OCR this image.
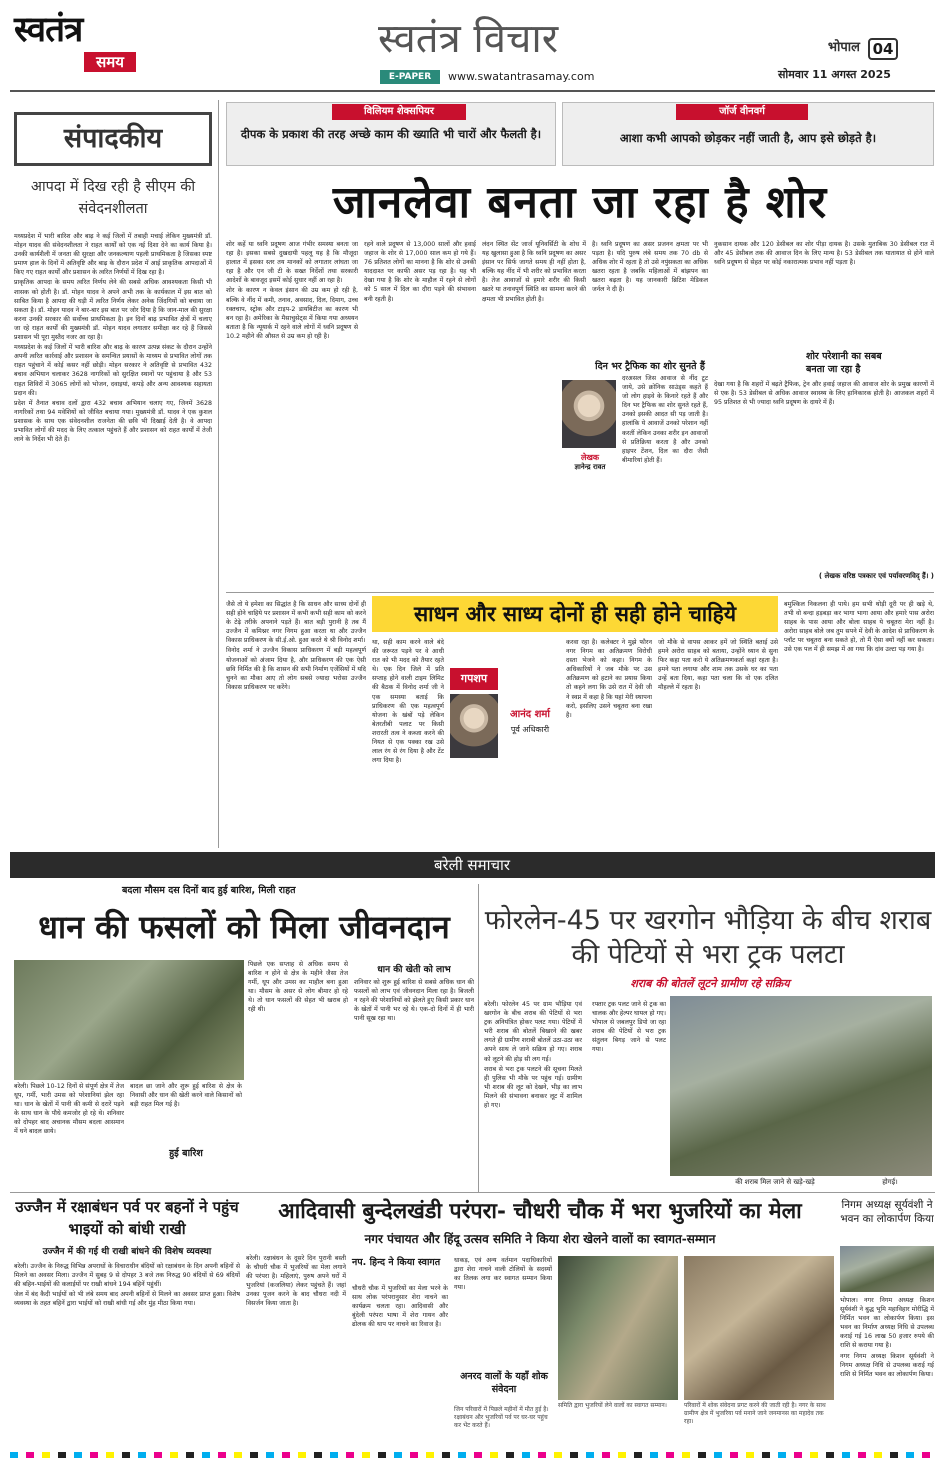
स्वतंत्र
समय	स्वतंत्र विचार
E-PAPER	www.swatantrasamay.com
भोपाल 04
सोमवार 11 अगस्त 2025
संपादकीय
आपदा में दिख रही है सीएम की संवेदनशीलता

मध्यप्रदेश में भारी बारिश और बाढ़ ने कई जिलों में तबाही मचाई लेकिन मुख्यमंत्री डॉ. मोहन यादव की संवेदनशीलता ने राहत कार्यों को एक नई दिशा देने का कार्य किया है। उनकी कार्यशैली में जनता की सुरक्षा और जनकल्याण पहली प्राथमिकता है जिसका स्पष्ट प्रमाण हाल के दिनों में अतिवृष्टि और बाढ़ के दौरान प्रदेश में आई प्राकृतिक आपदाओं में किए गए राहत कार्यों और प्रशासन के त्वरित निर्णयों में दिख रहा है।

प्राकृतिक आपदा के समय त्वरित निर्णय लेने की सबसे अधिक आवश्यकता किसी भी शासक को होती है। डॉ. मोहन यादव ने अपने अभी तक के कार्यकाल में इस बात को साबित किया है आपदा की घड़ी में त्वरित निर्णय लेकर अनेक जिंदगियों को बचाया जा सकता है। डॉ. मोहन यादव ने बार-बार इस बात पर जोर दिया है कि जान-माल की सुरक्षा करना उनकी सरकार की सर्वोच्च प्राथमिकता है। इन दिनों बाढ़ प्रभावित क्षेत्रों में चलाए जा रहे राहत कार्यों की मुख्यमंत्री डॉ. मोहन यादव लगातार समीक्षा कर रहे हैं जिससे प्रशासन भी पूरा मुस्तैद नजर आ रहा है।

मध्यप्रदेश के कई जिलों में भारी बारिश और बाढ़ के कारण उत्पन्न संकट के दौरान उन्होंने अपनी त्वरित कार्रवाई और प्रशासन के समन्वित प्रयासों के माध्यम से प्रभावित लोगों तक राहत पहुंचाने में कोई कसर नहीं छोड़ी। मोहन सरकार ने अतिवृष्टि से प्रभावित 432 बचाव अभियान चलाकर 3628 नागरिकों को सुरक्षित स्थानों पर पहुंचाया है और 53 राहत शिविरों में 3065 लोगों को भोजन, दवाइयां, कपड़े और अन्य आवश्यक सहायता प्रदान की।

प्रदेश में तैनात बचाव दलों द्वारा 432 बचाव अभियान चलाए गए, जिनमें 3628 नागरिकों तथा 94 मवेशियों को जीवित बचाया गया। मुख्यमंत्री डॉ. यादव ने एक कुशल प्रशासक के साथ एक संवेदनशील राजनेता की छवि भी दिखाई देती है। वे आपदा प्रभावित लोगों की मदद के लिए तत्काल पहुंचते हैं और प्रशासन को राहत कार्यों में तेजी लाने के निर्देश भी देते हैं।

विलियम शेक्सपियर
दीपक के प्रकाश की तरह अच्छे काम की ख्याति भी चारों और फैलती है।
जॉर्ज वीनवर्ग
आशा कभी आपको छोड़कर नहीं जाती है, आप इसे छोड़ते है।
जानलेवा बनता जा रहा है शोर

शोर कहें या ध्वनि प्रदूषण आज गंभीर समस्या बनता जा रहा है। इसका सबसे दुखदायी पहलू यह है कि मौजूदा हालात में इसका स्तर तय मानकों को लगातार लांघता जा रहा है और एन जी टी के सख्त निर्देशों तथा सरकारी आदेशों के बावजूद इसमें कोई सुधार नहीं आ रहा है।

शोर के कारण न केवल इंसान की उम्र कम हो रही है, बल्कि वे नींद में कमी, तनाव, अवसाद, दिल, दिमाग, उच्च रक्तचाप, स्ट्रोक और टाइप-2 डायबिटीज का कारण भी बन रहा है। अमेरिका के मैसाचुसेट्स में किया गया अध्ययन बताता है कि न्यूयार्क में रहने वाले लोगों में ध्वनि प्रदूषण से 10.2 महीने की औसत से उम्र कम हो रही है।

रहने वाले प्रदूषण से 13,000 सालों और हवाई जहाज के शोर से 17,000 साल कम हो गये हैं। 76 प्रतिशत लोगों का मानना है कि शोर से उनकी याददाश्त पर काफी असर पड़ रहा है। यह भी देखा गया है कि शोर के माहौल में रहने से लोगों को 5 साल में दिल का दौरा पड़ने की संभावना बनी रहती है।

लंदन स्थित सेंट जार्ज यूनिवर्सिटी के शोध में यह खुलासा हुआ है कि ध्वनि प्रदूषण का असर इंसान पर सिर्फ जागते समय ही नहीं होता है, बल्कि यह नींद में भी शरीर को प्रभावित करता है। तेज आवाजों से हमारे शरीर की किसी खतरे या तनावपूर्ण स्थिति का सामना करने की क्षमता भी प्रभावित होती है।

है। ध्वनि प्रदूषण का असर प्रजनन क्षमता पर भी पड़ता है। यदि पुरुष लंबे समय तक 70 db से अधिक शोर में रहता है तो उसे नपुंसकता का अधिक खतरा रहता है जबकि महिलाओं में बांझपन का खतरा बढ़ता है। यह जानकारी ब्रिटिश मेडिकल जर्नल ने दी है।

दिन भर ट्रैफिक का शोर सुनते हैं
लेखक
ज्ञानेन्द्र रावत

दरअसल जिस आवाज से नींद टूट जाये, उसे क्रोनिक साउंड्स कहते हैं जो लोग हाइवे के किनारे रहते हैं और दिन भर ट्रैफिक का शोर सुनते रहते हैं, उनको इसकी आदत सी पड़ जाती है। हालांकि ये आवाजें उनको परेशान नहीं करतीं लेकिन उनका शरीर इन आवाजों से प्रतिक्रिया करता है और उनको हाइपर टेंशन, दिल का दौरा जैसी बीमारियां होती हैं।

नुकसान दायक और 120 डेसीबल का शोर पीड़ा दायक है। उसके मुताबिक 30 डेसीबल रात में और 45 डेसीबल तक की आवाज दिन के लिए मान्य है। 53 डेसीबल तक यातायात से होने वाले ध्वनि प्रदूषण से सेहत पर कोई नकारात्मक प्रभाव नहीं पड़ता है।

शोर परेशानी का सबब बनता जा रहा है

देखा गया है कि शहरों में बढ़ते ट्रैफिक, ट्रेन और हवाई जहाज की आवाज शोर के प्रमुख कारणों में से एक है। 53 डेसीबल से अधिक आवाज स्वास्थ्य के लिए हानिकारक होती है। आजकल शहरों में 95 प्रतिशत से भी ज्यादा ध्वनि प्रदूषण के दायरे में हैं।

( लेखक वरिष्ठ पत्रकार एवं पर्यावरणविद् हैं। )

जैसे तो ये हमेशा का सिद्धांत है कि साधन और साध्य दोनों ही सही होने चाहिये पर प्रशासन में कभी कभी सही काम को करने के टेढ़े तरीके अपनाने पड़ते हैं। बात बड़ी पुरानी है तब मैं उज्जैन में कमिश्नर नगर निगम हुआ करता था और उज्जैन विकास प्राधिकरण के सी.ई.ओ. हुआ करते थे श्री विनोद शर्मा।

विनोद शर्मा ने उज्जैन विकास प्राधिकरण में बड़ी महत्वपूर्ण योजनाओं को अंजाम दिया है, और प्राधिकरण की एक ऐसी छवि निर्मित की है कि शासन की सभी निर्माण एजेंसियों में यदि चुनने का मौका आए तो लोग सबसे ज्यादा भरोसा उज्जैन विकास प्राधिकरण पर करेंगे।

साधन और साध्य दोनों ही सही होने चाहिये

था, सही काम करने वाले बंदे की जरूरत पड़ने पर वे आधी रात को भी मदद को तैयार रहते थे। एक दिन जिले में प्रति सप्ताह होने वाली टाइम लिमिट की बैठक में विनोद शर्मा जी ने एक समस्या बताई कि प्राधिकरण की एक महत्वपूर्ण योजना के खंबों पड़े लेकिन बेतरतीबी पलाट पर किसी शरारती तत्व ने कब्जा करने की नियत से एक पक्का रख उसे लाल रंग से रंग दिया है और टेंट लगा दिया है।

गपशप
आनंद शर्मा
पूर्व अधिकारी

करवा रहा है। कलेक्टर ने मुझे फौरन नगर निगम का अतिक्रमण विरोधी दस्ता भेजने को कहा। निगम के अधिकारियों ने जब मौके पर उस अतिक्रमण को हटाने का प्रयास किया तो कहने लगा कि उसे रात में देवी जी ने स्वप्न में कहा है कि यहां मेरी स्थापना करो, इसलिए उसने चबूतरा बना रखा है।

जो मौके से वापस आकर हमें जो स्थिति बताई उसे हमने अरोरा साहब को बताया, उन्होंने ध्यान से सुना फिर कहा पता करो ये अतिक्रमणकर्ता कहां रहता है। हमने पता लगाया और शाम तक उसके घर का पता उन्हें बता दिया, कहा पता चला कि वो एक दलित मौहल्ले में रहता है।

बमुश्किल निकलना ही पाये। हम सभी थोड़ी दूरी पर ही खड़े थे, तभी वो बन्दा हड़बड़ा कर भागा भागा आया और हमारे पास अरोरा साहब के पास आया और बोला साहब ये चबूतरा मेरा नहीं है। अरोरा साहब बोले जब तुम सपने में देवी के आदेश से प्राधिकरण के प्लॉट पर चबूतरा बना सकते हो, तो मैं ऐसा क्यों नहीं कर सकता। उसे एक पल में ही समझ में आ गया कि दांव उल्टा पड़ गया है।

बरेली समाचार
बदला मौसम दस दिनों बाद हुई बारिश, मिली राहत
धान की फसलों को मिला जीवनदान

बरेली। पिछले 10-12 दिनों से संपूर्ण क्षेत्र में तेज धूप, गर्मी, भारी उमस को परेशानियां झेल रहा था। धान के खेतों में पानी की कमी से दरारें पड़ने के साथ धान के पौधे कमजोर हो रहे थे। शनिवार को दोपहर बाद अचानक मौसम बदला आसमान में घने बादल छाये।

बादल छा जाने और शुरू हुई बारिश से क्षेत्र के निवासी और धान की खेती करने वाले किसानों को बड़ी राहत मिल गई है।

हुई बारिश

पिछले एक सप्ताह से अधिक समय से बारिश न होने से क्षेत्र के महीने जैसा तेज गर्मी, धूप और उमस का माहौल बना हुआ था। मौसम के असर से लोग बीमार हो रहे थे। तो धान फसलों की सेहत भी खराब हो रही थी।

धान की खेती को लाभ

शनिवार को शुरू हुई बारिश से सबसे अधिक धान की फसलों को लाभ एवं जीवनदान मिला रहा है। बिजली न रहने की परेशानियों को झेलते हुए किसी प्रकार धान के खेतों में पानी भर रहे थे। एक-दो दिनों में ही भारी पानी सूख रहा था।

फोरलेन-45 पर खरगोन भौड़िया के बीच शराब की पेटियों से भरा ट्रक पलटा
शराब की बोतलें लूटने ग्रामीण रहे सक्रिय

बरेली। फोरलेन 45 पर ग्राम भौड़िया एवं खरगोन के बीच शराब की पेटियों से भरा ट्रक अनियंत्रित होकर पलट गया। पेटियों में भरी शराब की बोतलें बिखरने की खबर लगते ही ग्रामीण शराबी बोतलें उठा-उठा कर अपने साथ ले जाने सक्रिय हो गए। शराब को लूटने की होड़ सी लग गई।

शराब से भरा ट्रक पलटने की सूचना मिलते ही पुलिस भी मौके पर पहुंच गई। ग्रामीण भी शराब की लूट को देखने, भीड़ का लाभ मिलने की संभावना बनाकर लूट में शामिल हो गए।

रफ्तार ट्रक पलट जाने से ट्रक का चालक और हेल्पर घायल हो गए। भोपाल से जबलपुर डिपो जा रहा शराब की पेटियों से भरा ट्रक संतुलन बिगड़ जाने से पलट गया।

की शराब मिल जाने से खड़े-खड़े	होगई।
उज्जैन में रक्षाबंधन पर्व पर बहनों ने पहुंच भाइयों को बांधी राखी
उज्जैन में की गई थी राखी बांधने की विशेष व्यवस्था

बरेली। उज्जैन के निरुद्ध विभिन्न अपराधों के विचाराधीन बंदियों को रक्षाबंधन के दिन अपनी बहिनों से मिलने का अवसर मिला। उज्जैन में सुबह 9 से दोपहर 3 बजे तक निरुद्ध 90 बंदियों से 69 बंदियों की बहिन-भाईयों की कलाईयों पर राखी बांधने 194 बहिनें पहुंचीं।

जेल में बंद कैदी भाईयों को भी लंबे समय बाद अपनी बहिनों से मिलने का अवसर प्राप्त हुआ। विशेष व्यवस्था के तहत बहिनें द्वारा भाईयों को राखी बांधी गई और मुंह मीठा किया गया।

आदिवासी बुन्देलखंडी परंपरा- चौधरी चौक में भरा भुजरियों का मेला
नगर पंचायत और हिंदू उत्सव समिति ने किया शेरा खेलने वालों का स्वागत-सम्मान

बरेली। रक्षाबंधन के दूसरे दिन पुरानी बस्ती के चौधरी चौक में भुजरियों का मेला लगाने की परंपरा है। महिलाएं, पुरुष अपने घरों में भुजरियां (कजलिया) लेकर पहुंचते हैं। जहां उनका पूजन करने के बाद चौधरा नदी में विसर्जन किया जाता है।

नप. हिन्द ने किया स्वागत

चौधरी चौक में भुजरियों का मेला भरने के साथ लोक परंपरानुसार शेरा नाचने का कार्यक्रम चलता रहा। आदिवासी और बुंदेली परंपरा भाषा में शेरा गायन और ढोलक की थाप पर नाचने का रिवाज है।

धाकड़, एवं अन्य वर्तमान पदाधिकारियों द्वारा शेरा नाचने वाली टोलियों के सदस्यों का तिलक लगा कर स्वागत सम्मान किया गया।

अनरद वालों के यहाँ शोक संवेदना
जिन परिवारों में पिछले महीनों में मौत हुई है। रक्षाबंधन और भुजरियों पर्व पर घर-घर पहुंच कर भेंट करते हैं।
समिति द्वारा भुजरियों लेने वालों का स्वागत सम्मान।	परिवारों में शोक संवेदना प्रगट करने की जाती रही है। नगर के साथ ग्रामीण क्षेत्र में भुजरिया पर्व मनाने जाने जनमानस का महादेव तक रहा।
निगम अध्यक्ष सूर्यवंशी ने भवन का लोकार्पण किया

भोपाल। नगर निगम अध्यक्ष किशन सूर्यवंशी ने बुद्ध भूमि महाविहार मोरीद्धि में निर्मित भवन का लोकार्पण किया। इस भवन का निर्माण अध्यक्ष निधि से उपलब्ध कराई गई 16 लाख 50 हजार रुपये की राशि से कराया गया है।

नगर निगम अध्यक्ष किशन सूर्यवंशी ने निगम अध्यक्ष निधि से उपलब्ध कराई गई राशि से निर्मित भवन का लोकार्पण किया।
